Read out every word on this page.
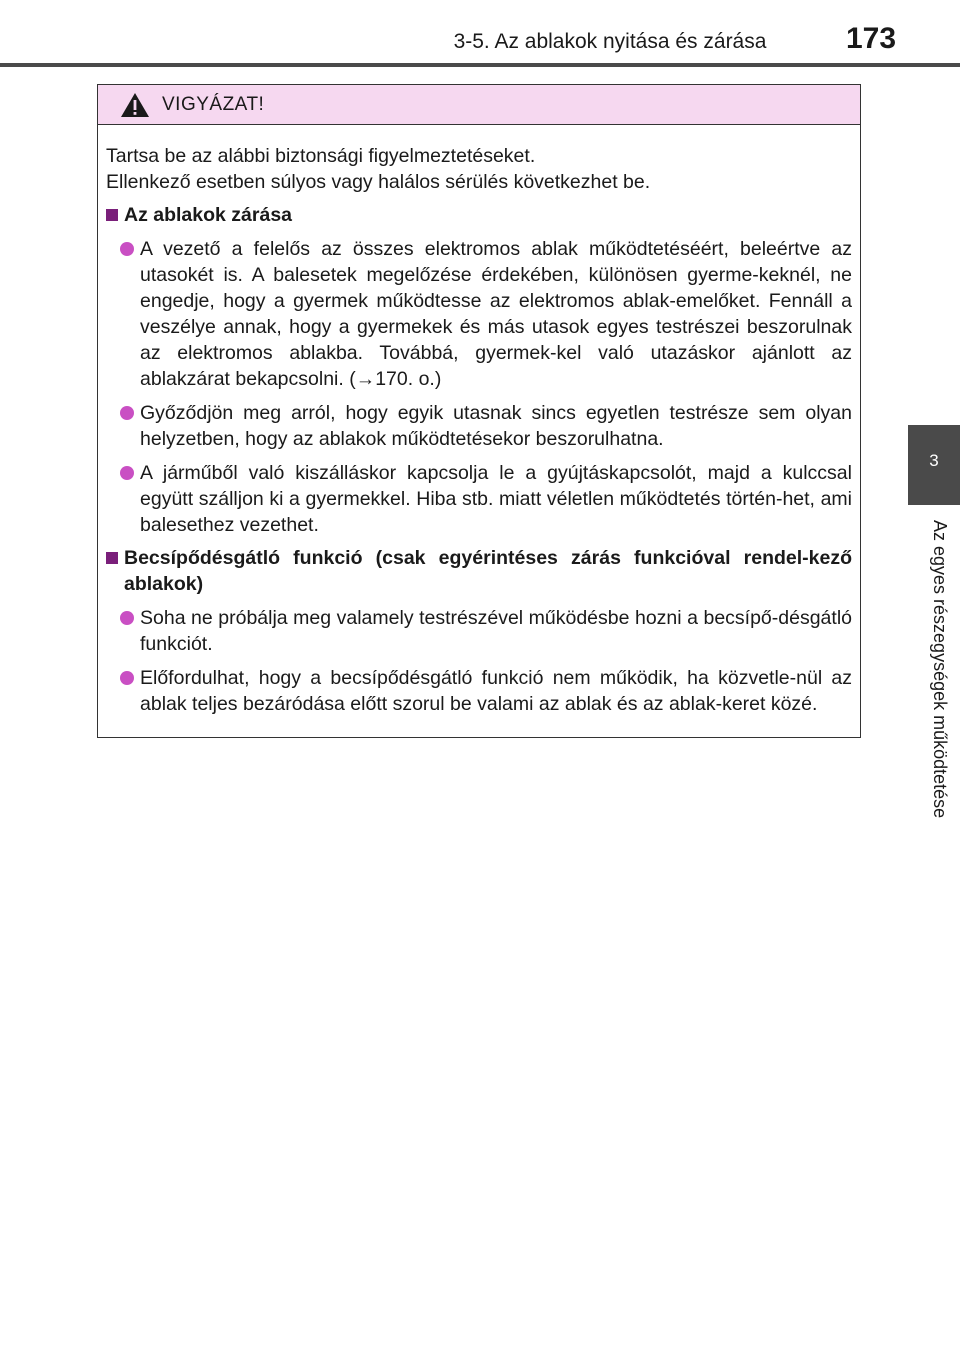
3-5. Az ablakok nyitása és zárása	173
3
Az egyes részegységek működtetése
VIGYÁZAT!

Tartsa be az alábbi biztonsági figyelmeztetéseket.

Ellenkező esetben súlyos vagy halálos sérülés következhet be.

Az ablakok zárása

A vezető a felelős az összes elektromos ablak működtetéséért, beleértve az utasokét is. A balesetek megelőzése érdekében, különösen gyerme-keknél, ne engedje, hogy a gyermek működtesse az elektromos ablak-emelőket. Fennáll a veszélye annak, hogy a gyermekek és más utasok egyes testrészei beszorulnak az elektromos ablakba. Továbbá, gyermek-kel való utazáskor ajánlott az ablakzárat bekapcsolni. (→170. o.)

Győződjön meg arról, hogy egyik utasnak sincs egyetlen testrésze sem olyan helyzetben, hogy az ablakok működtetésekor beszorulhatna.

A járműből való kiszálláskor kapcsolja le a gyújtáskapcsolót, majd a kulccsal együtt szálljon ki a gyermekkel. Hiba stb. miatt véletlen működtetés történ-het, ami balesethez vezethet.

Becsípődésgátló funkció (csak egyérintéses zárás funkcióval rendel-kező ablakok)

Soha ne próbálja meg valamely testrészével működésbe hozni a becsípő-désgátló funkciót.

Előfordulhat, hogy a becsípődésgátló funkció nem működik, ha közvetle-nül az ablak teljes bezáródása előtt szorul be valami az ablak és az ablak-keret közé.
